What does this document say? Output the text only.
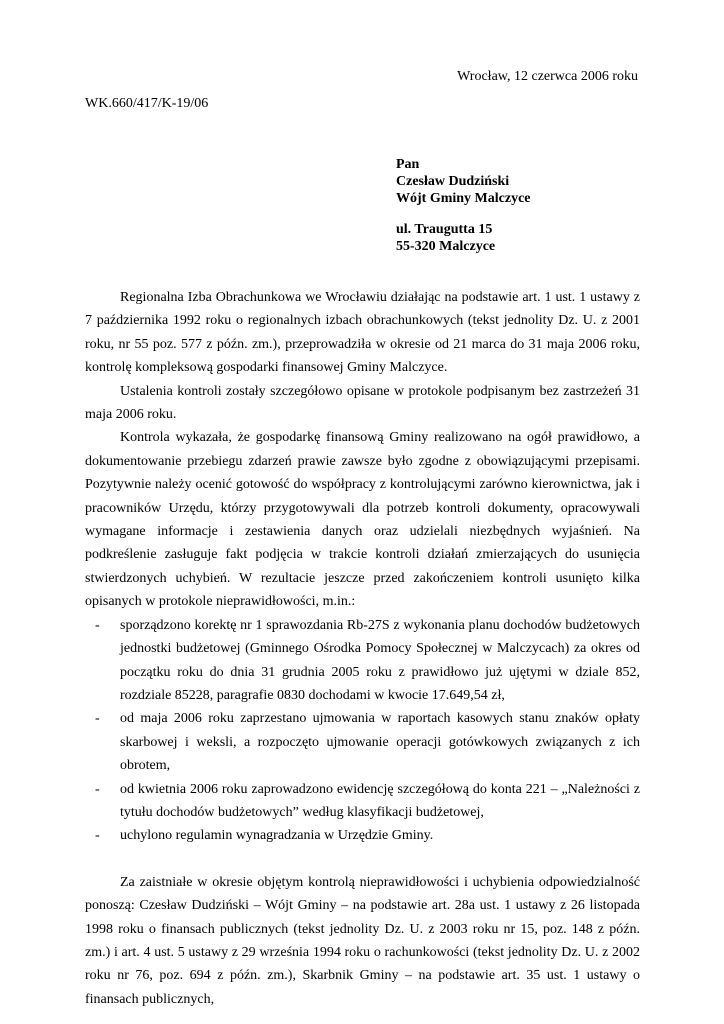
Wrocław, 12 czerwca 2006 roku
WK.660/417/K-19/06
Pan
Czesław Dudziński
Wójt Gminy Malczyce
ul. Traugutta 15
55-320 Malczyce

Regionalna Izba Obrachunkowa we Wrocławiu działając na podstawie art. 1 ust. 1 ustawy z 7 października 1992 roku o regionalnych izbach obrachunkowych (tekst jednolity Dz. U. z 2001 roku, nr 55 poz. 577 z późn. zm.), przeprowadziła w okresie od 21 marca do 31 maja 2006 roku, kontrolę kompleksową gospodarki finansowej Gminy Malczyce.

Ustalenia kontroli zostały szczegółowo opisane w protokole podpisanym bez zastrzeżeń 31 maja 2006 roku.

Kontrola wykazała, że gospodarkę finansową Gminy realizowano na ogół prawidłowo, a dokumentowanie przebiegu zdarzeń prawie zawsze było zgodne z obowiązującymi przepisami. Pozytywnie należy ocenić gotowość do współpracy z kontrolującymi zarówno kierownictwa, jak i pracowników Urzędu, którzy przygotowywali dla potrzeb kontroli dokumenty, opracowywali wymagane informacje i zestawienia danych oraz udzielali niezbędnych wyjaśnień. Na podkreślenie zasługuje fakt podjęcia w trakcie kontroli działań zmierzających do usunięcia stwierdzonych uchybień. W rezultacie jeszcze przed zakończeniem kontroli usunięto kilka opisanych w protokole nieprawidłowości, m.in.:

- sporządzono korektę nr 1 sprawozdania Rb-27S z wykonania planu dochodów budżetowych jednostki budżetowej (Gminnego Ośrodka Pomocy Społecznej w Malczycach) za okres od początku roku do dnia 31 grudnia 2005 roku z prawidłowo już ujętymi w dziale 852, rozdziale 85228, paragrafie 0830 dochodami w kwocie 17.649,54 zł,
- od maja 2006 roku zaprzestano ujmowania w raportach kasowych stanu znaków opłaty skarbowej i weksli, a rozpoczęto ujmowanie operacji gotówkowych związanych z ich obrotem,
- od kwietnia 2006 roku zaprowadzono ewidencję szczegółową do konta 221 – „Należności z tytułu dochodów budżetowych” według klasyfikacji budżetowej,
- uchylono regulamin wynagradzania w Urzędzie Gminy.

Za zaistniałe w okresie objętym kontrolą nieprawidłowości i uchybienia odpowiedzialność ponoszą: Czesław Dudziński – Wójt Gminy – na podstawie art. 28a ust. 1 ustawy z 26 listopada 1998 roku o finansach publicznych (tekst jednolity Dz. U. z 2003 roku nr 15, poz. 148 z późn. zm.) i art. 4 ust. 5 ustawy z 29 września 1994 roku o rachunkowości (tekst jednolity Dz. U. z 2002 roku nr 76, poz. 694 z późn. zm.), Skarbnik Gminy – na podstawie art. 35 ust. 1 ustawy o finansach publicznych,
